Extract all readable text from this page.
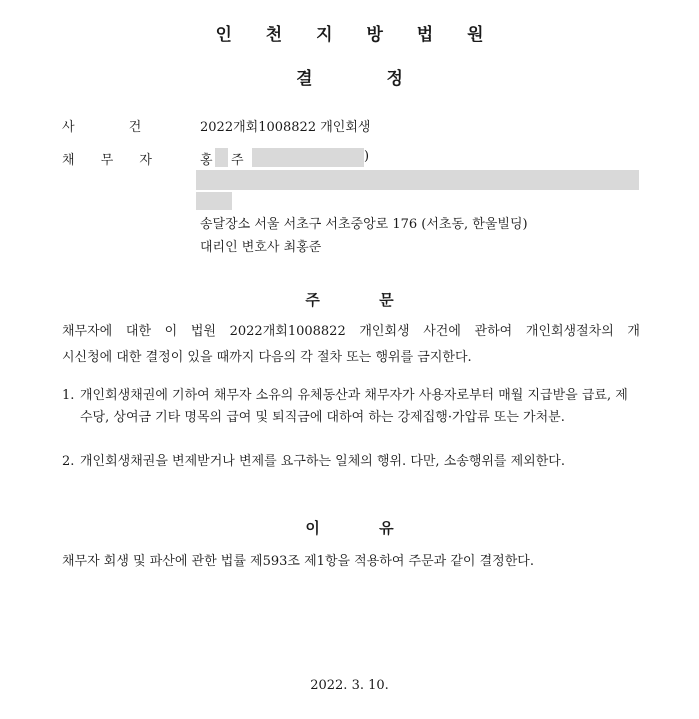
인 천 지 방 법 원
결 정
사 건	2022개회1008822 개인회생
채 무 자	홍 주	)
송달장소 서울 서초구 서초중앙로 176 (서초동, 한울빌딩)
대리인 변호사 최홍준
주 문
채무자에 대한 이 법원 2022개회1008822 개인회생 사건에 관하여 개인회생절차의 개
시신청에 대한 결정이 있을 때까지 다음의 각 절차 또는 행위를 금지한다.
1. 개인회생채권에 기하여 채무자 소유의 유체동산과 채무자가 사용자로부터 매월 지급받을 급료, 제수당, 상여금 기타 명목의 급여 및 퇴직금에 대하여 하는 강제집행·가압류 또는 가처분.
2. 개인회생채권을 변제받거나 변제를 요구하는 일체의 행위. 다만, 소송행위를 제외한다.
이 유
채무자 회생 및 파산에 관한 법률 제593조 제1항을 적용하여 주문과 같이 결정한다.
2022. 3. 10.
